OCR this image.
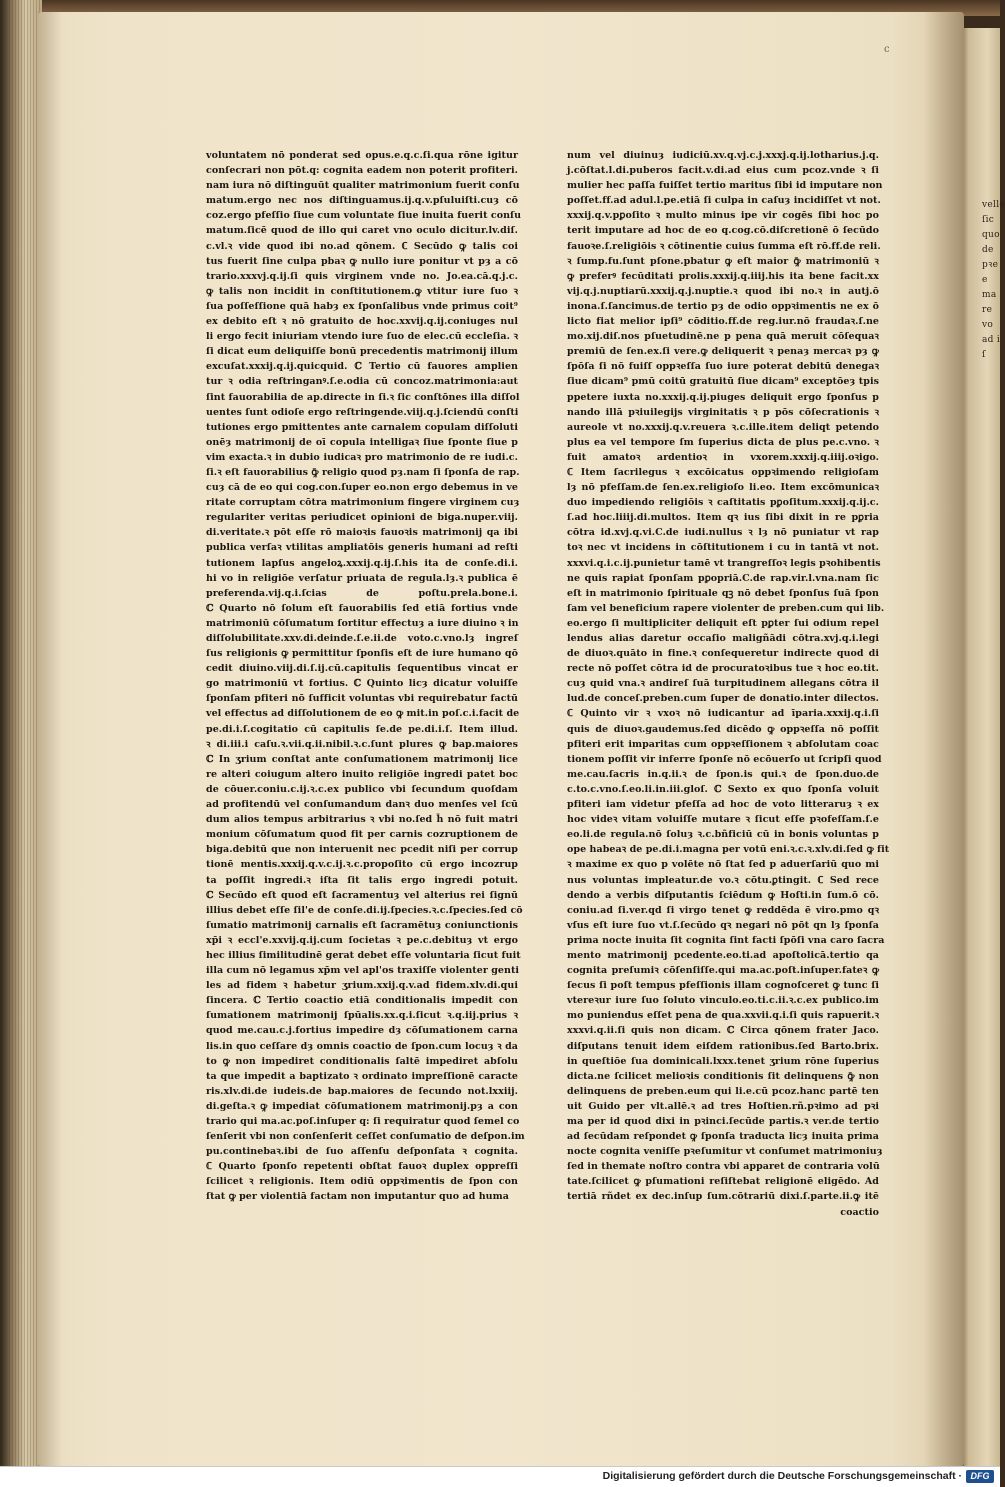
velle ſic quo de pꝛe e ma re vo ad i ſ
c
voluntatem nō ponderat sed opus.e.q.c.ſi.qua rōne igitur
conſecrari non pōt.q: cognita eadem non poterit profiteri.
nam iura nō diſtinguūt qualiter matrimonium fuerit conſu
matum.ergo nec nos diſtinguamus.ij.q.v.pſuluiſti.cuȝ cō
coz.ergo pfeſſio ſiue cum voluntate ſiue inuita fuerit conſu
matum.ſicē quod de illo qui caret vno oculo dicitur.lv.diſ.
c.vl.ꝛ vide quod ibi no.ad qōnem. ℂ Secūdo ꝙ talis coi
tus fuerit ſine culpa pbaꝛ ꝙ nullo iure ponitur vt pȝ a cō
trario.xxxvj.q.ij.ſi quis virginem vnde no. Jo.ea.cā.q.j.c.
ꝙ talis non incidit in conſtitutionem.ꝙ vtitur iure ſuo ꝛ
ſua poſſeſſione quā habȝ ex ſponſalibus vnde primus coit⁹
ex debito eſt ꝛ nō gratuito de hoc.xxvij.q.ij.coniuges nul
li ergo fecit iniuriam vtendo iure ſuo de elec.cū eccleſia. ꝛ
ſi dicat eum deliquiſſe bonū precedentis matrimonij illum
excuſat.xxxij.q.ij.quicquid. ℂ Tertio cū fauores amplien
tur ꝛ odia reſtringanꝰ.ſ.e.odia cū concoz.matrimonia:aut
ſint fauorabilia de ap.directe in ſi.ꝛ ſic conſtōnes illa diſſol
uentes ſunt odioſe ergo reſtringende.viij.q.j.ſciendū conſti
tutiones ergo pmittentes ante carnalem copulam diſſoluti
onēȝ matrimonij de oī copula intelligaꝛ ſiue ſponte ſiue p
vim exacta.ꝛ in dubio iudicaꝛ pro matrimonio de re iudi.c.
ſi.ꝛ eſt fauorabilius ꝙ̄ religio quod pȝ.nam ſi ſponſa de rap.
cuȝ cā de eo qui cog.con.ſuper eo.non ergo debemus in ve
ritate corruptam cōtra matrimonium fingere virginem cuȝ
regulariter veritas periudicet opinioni de biga.nuper.viij.
di.veritate.ꝛ pōt eſſe rō maioꝛis fauoꝛis matrimonij qa ibi
publica verſaꝛ vtilitas ampliatōis generis humani ad reſti
tutionem lapſus angeloꝝ.xxxij.q.ij.ſ.his ita de conſe.di.i.
hi vo in religiōe verſatur priuata de regula.lȝ.ꝛ publica ē
preferenda.vij.q.i.ſcias de poſtu.prela.bone.i.
ℂ Quarto nō ſolum eſt fauorabilis ſed etiā fortius vnde
matrimoniū cōſumatum ſortitur effectuȝ a iure diuino ꝛ in
diſſolubilitate.xxv.di.deinde.ſ.e.ii.de voto.c.vno.lȝ ingreſ
ſus religionis ꝙ permittitur ſponſis eſt de iure humano qō
cedit diuino.viij.di.ſ.ij.cū.capitulis ſequentibus vincat er
go matrimoniū vt fortius. ℂ Quinto licȝ dicatur voluiſſe
ſponſam pfiteri nō ſufficit voluntas vbi requirebatur factū
vel effectus ad diſſolutionem de eo ꝙ mit.in poſ.c.i.facit de
pe.di.i.ſ.cogitatio cū capitulis ſe.de pe.di.i.ſ. Item illud.
ꝛ di.iii.i caſu.ꝛ.vii.q.ii.nibil.ꝛ.c.ſunt plures ꝙ bap.maiores
ℂ In ʒrium conſtat ante conſumationem matrimonij lice
re alteri coiugum altero inuito religiōe ingredi patet boc
de cōuer.coniu.c.ij.ꝛ.c.ex publico vbi ſecundum quoſdam
ad profitendū vel conſumandum danꝛ duo menſes vel ſcū
dum alios tempus arbitrarius ꝛ vbi no.ſed h̄ nō fuit matri
monium cōſumatum quod fit per carnis cozruptionem de
biga.debitū que non interuenit nec pcedit niſi per corrup
tionē mentis.xxxij.q.v.c.ij.ꝛ.c.propoſito cū ergo incozrup
ta poſſit ingredi.ꝛ iſta ſit talis ergo ingredi potuit.
ℂ Secūdo eſt quod eſt ſacramentuȝ vel alterius rei ſignū
illius debet eſſe ſil'e de conſe.di.ij.ſpecies.ꝛ.c.ſpecies.ſed cō
ſumatio matrimonij carnalis eſt ſacramētuȝ coniunctionis
xp̄i ꝛ eccl'e.xxvij.q.ij.cum ſocietas ꝛ pe.c.debituȝ vt ergo
hec illius ſimilitudinē gerat debet eſſe voluntaria ſicut fuit
illa cum nō legamus xp̄m vel apl'os traxiſſe violenter genti
les ad fidem ꝛ habetur ʒrium.xxij.q.v.ad fidem.xlv.di.qui
ſincera. ℂ Tertio coactio etiā conditionalis impedit con
ſumationem matrimonij ſpūalis.xx.q.i.ſicut ꝛ.q.iij.prius ꝛ
quod me.cau.c.j.fortius impedire dȝ cōſumationem carna
lis.in quo ceſſare dȝ omnis coactio de ſpon.cum locuȝ ꝛ da
to ꝙ non impediret conditionalis ſaltē impediret abſolu
ta que impedit a baptizato ꝛ ordinato impreſſionē caracte
ris.xlv.di.de iudeis.de bap.maiores de ſecundo not.lxxiij.
di.geſta.ꝛ ꝙ impediat cōſumationem matrimonij.pȝ a con
trario qui ma.ac.poſ.inſuper q: ſi requiratur quod ſemel co
ſenſerit vbi non conſenſerit ceſſet conſumatio de deſpon.im
pu.continebaꝛ.ibi de ſuo aſſenſu deſponſata ꝛ cognita.
ℂ Quarto ſponſo repetenti obſtat fauoꝛ duplex oppreſſi
ſcilicet ꝛ religionis. Item odiū oppꝛimentis de ſpon con
ſtat ꝙ per violentiā factam non imputantur quo ad huma
num vel diuinuȝ iudiciū.xv.q.vj.c.j.xxxj.q.ij.lotharius.j.q.
j.cōſtat.l.di.puberos facit.v.di.ad eius cum pcoz.vnde ꝛ ſi
mulier hec paſſa fuiſſet tertio maritus ſibi id imputare non
poſſet.ff.ad adul.l.pe.etiā ſi culpa in caſuȝ incidiſſet vt not.
xxxij.q.v.pꝑoſito ꝛ multo minus ipe vir cogēs ſibi hoc po
terit imputare ad hoc de eo q.cog.cō.diſcretionē ō ſecūdo
fauoꝛe.ſ.religiōis ꝛ cōtinentie cuius ſumma eſt rō.ff.de reli.
ꝛ ſump.fu.ſunt pſone.pbatur ꝙ eſt maior ꝙ̄ matrimoniū ꝛ
ꝙ preferꝰ fecūditati prolis.xxxij.q.iiij.his ita bene facit.xx
vij.q.j.nuptiarū.xxxij.q.j.nuptie.ꝛ quod ibi no.ꝛ in autj.ō
inona.ſ.ſancimus.de tertio pȝ de odio oppꝛimentis ne ex ō
licto fiat melior ipſi⁹ cōditio.ff.de reg.iur.nō fraudaꝛ.ſ.ne
mo.xij.diſ.nos pſuetudinē.ne p pena quā meruit cōſequaꝛ
premiū de ſen.ex.ſi vere.ꝙ deliquerit ꝛ penaȝ mercaꝛ pȝ ꝙ
ſpōſa ſi nō fuiſſ oppꝛeſſa ſuo iure poterat debitū denegaꝛ
ſiue dicam⁹ pmū coitū gratuitū ſiue dicam⁹ exceptōeȝ tpis
ppetere iuxta no.xxxij.q.ij.piuges deliquit ergo ſponſus p
nando illā pꝛiuilegijs virginitatis ꝛ p pōs cōſecrationis ꝛ
aureole vt no.xxxij.q.v.reuera ꝛ.c.ille.item deliqt petendo
plus ea vel tempore ſm ſuperius dicta de plus pe.c.vno. ꝛ
fuit amatoꝛ ardentioꝛ in vxorem.xxxij.q.iiij.oꝛigo.
ℂ Item ſacrilegus ꝛ excōicatus oppꝛimendo religioſam
lȝ nō pfeſſam.de ſen.ex.religioſo li.eo. Item excōmunicaꝛ
duo impediendo religiōis ꝛ caſtitatis pꝑoſitum.xxxij.q.ij.c.
ſ.ad hoc.liiij.di.multos. Item qꝛ ius ſibi dixit in re pꝑria
cōtra id.xvj.q.vi.C.de iudi.nullus ꝛ lȝ nō puniatur vt rap
toꝛ nec vt incidens in cōſtitutionem i cu in tantā vt not.
xxxvi.q.i.c.ij.punietur tamē vt trangreſſoꝛ legis pꝛohibentis
ne quis rapiat ſponſam pꝑopriā.C.de rap.vir.l.vna.nam ſic
eſt in matrimonio ſpirituale qꝫ nō debet ſponſus ſuā ſpon
ſam vel beneficium rapere violenter de preben.cum qui lib.
eo.ergo ſi multipliciter deliquit eſt pꝑter ſui odium repel
lendus alias daretur occaſio maligñādi cōtra.xvj.q.i.legi
de diuoꝛ.quāto in fine.ꝛ conſequeretur indirecte quod di
recte nō poſſet cōtra id de procuratoꝛibus tue ꝛ hoc eo.tit.
cuȝ quid vna.ꝛ andireſ ſuā turpitudinem allegans cōtra il
lud.de conceſ.preben.cum ſuper de donatio.inter dilectos.
ℂ Quinto vir ꝛ vxoꝛ nō iudicantur ad īparia.xxxij.q.i.ſi
quis de diuoꝛ.gaudemus.ſed dicēdo ꝙ oppꝛeſſa nō poſſit
pfiteri erit imparitas cum oppꝛeſſionem ꝛ abſolutam coac
tionem poſſit vir inferre ſponſe nō ecōuerſo ut ſcripſi quod
me.cau.ſacris in.q.ii.ꝛ de ſpon.is qui.ꝛ de ſpon.duo.de
c.to.c.vno.ſ.eo.li.in.iii.gloſ. ℂ Sexto ex quo ſponſa voluit
pfiteri iam videtur pfeſſa ad hoc de voto litteraruȝ ꝛ ex
hoc videꝛ vitam voluiſſe mutare ꝛ ſicut eſſe pꝛofeſſam.ſ.e
eo.li.de regula.nō ſoluȝ ꝛ.c.bñficiū cū in bonis voluntas p
ope habeaꝛ de pe.di.i.magna per votū eni.ꝛ.c.ꝛ.xlv.di.ſed ꝙ fit
ꝛ maxime ex quo p volēte nō ſtat ſed p aduerſariū quo mi
nus voluntas impleatur.de vo.ꝛ cōtu.ꝑtingit. ℂ Sed rece
dendo a verbis diſputantis ſciēdum ꝙ Hoſti.in ſum.ō cō.
coniu.ad ſi.ver.qd ſi virgo tenet ꝙ reddēda ē viro.pmo qꝛ
vſus eſt iure ſuo vt.ſ.ſecūdo qꝛ negari nō pōt qn lȝ ſponſa
prima nocte inuita ſit cognita ſint facti ſpōſi vna caro ſacra
mento matrimonij pcedente.eo.ti.ad apoſtolicā.tertio qa
cognita preſumiꝛ cōſenſiſſe.qui ma.ac.poſt.inſuper.fateꝛ ꝙ
ſecus ſi poſt tempus pfeſſionis illam cognoſceret ꝙ tunc ſi
vtereꝛur iure ſuo ſoluto vinculo.eo.ti.c.ii.ꝛ.c.ex publico.im
mo puniendus eſſet pena de qua.xxvii.q.i.ſi quis rapuerit.ꝛ
xxxvi.q.ii.ſi quis non dicam. ℂ Circa qōnem frater Jaco.
diſputans tenuit idem eiſdem rationibus.ſed Barto.brix.
in queſtiōe ſua dominicali.lxxx.tenet ʒrium rōne ſuperius
dicta.ne ſcilicet melioꝛis conditionis ſit delinquens ꝙ̄ non
delinquens de preben.eum qui li.e.cū pcoz.hanc partē ten
uit Guido per vlt.allē.ꝛ ad tres Hoſtien.rñ.pꝛimo ad pꝛi
ma per id quod dixi in pꝛinci.ſecūde partis.ꝛ ver.de tertio
ad ſecūdam reſpondet ꝙ ſponſa traducta licȝ inuita prima
nocte cognita veniſſe pꝛeſumitur vt conſumet matrimoniuȝ
ſed in themate noſtro contra vbi apparet de contraria volū
tate.ſcilicet ꝙ pſumationi reſiſtebat religionē eligēdo. Ad
tertiā rñdet ex dec.inſup ſum.cōtrariū dixi.ſ.parte.ii.ꝙ itē
coactio
Digitalisierung gefördert durch die Deutsche Forschungsgemeinschaft · DFG
